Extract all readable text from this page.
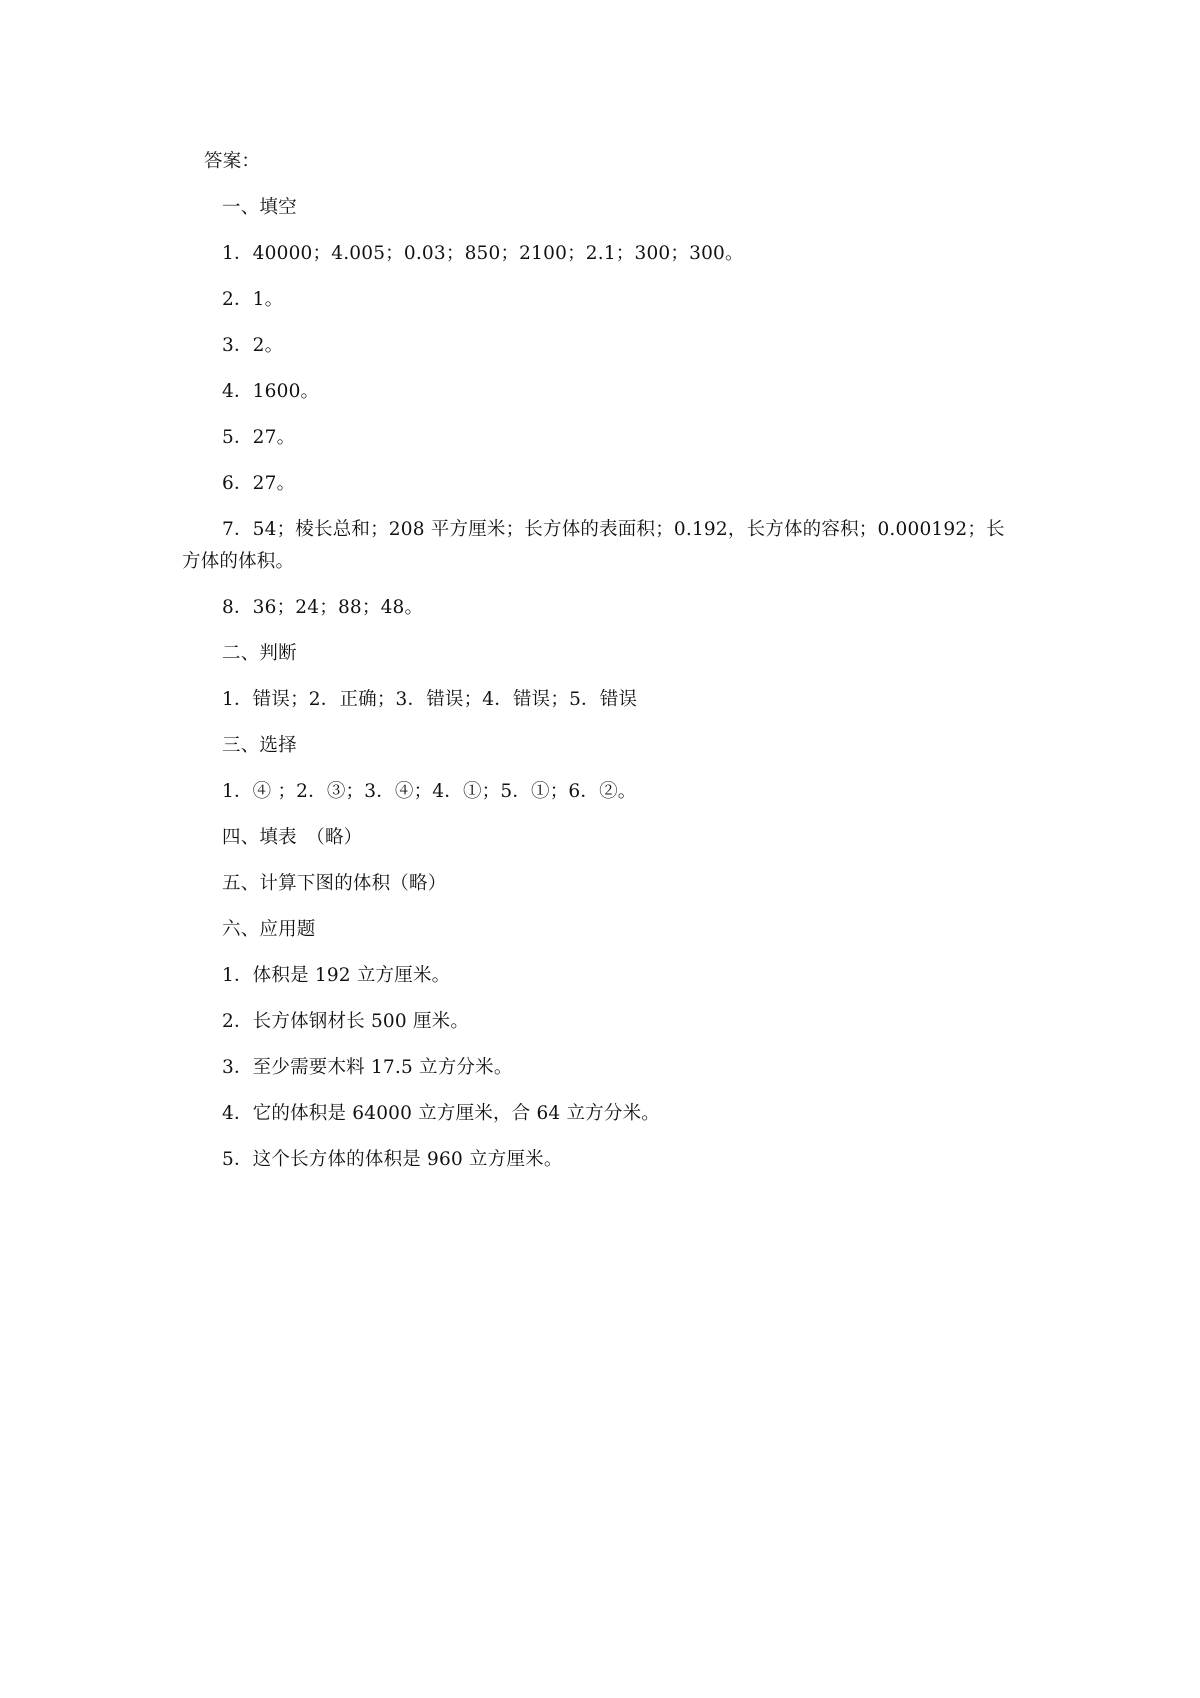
答案：
一、填空
1．40000；4.005；0.03；850；2100；2.1；300；300。
2．1。
3．2。
4．1600。
5．27。
6．27。
7．54；棱长总和；208 平方厘米；长方体的表面积；0.192，长方体的容积；0.000192；长
方体的体积。
8．36；24；88；48。
二、判断
1．错误；2．正确；3．错误；4．错误；5．错误
三、选择
1．④ ；2．③；3．④；4．①；5．①；6．②。
四、填表　（略）
五、计算下图的体积（略）
六、应用题
1．体积是 192 立方厘米。
2．长方体钢材长 500 厘米。
3．至少需要木料 17.5 立方分米。
4．它的体积是 64000 立方厘米，合 64 立方分米。
5．这个长方体的体积是 960 立方厘米。
